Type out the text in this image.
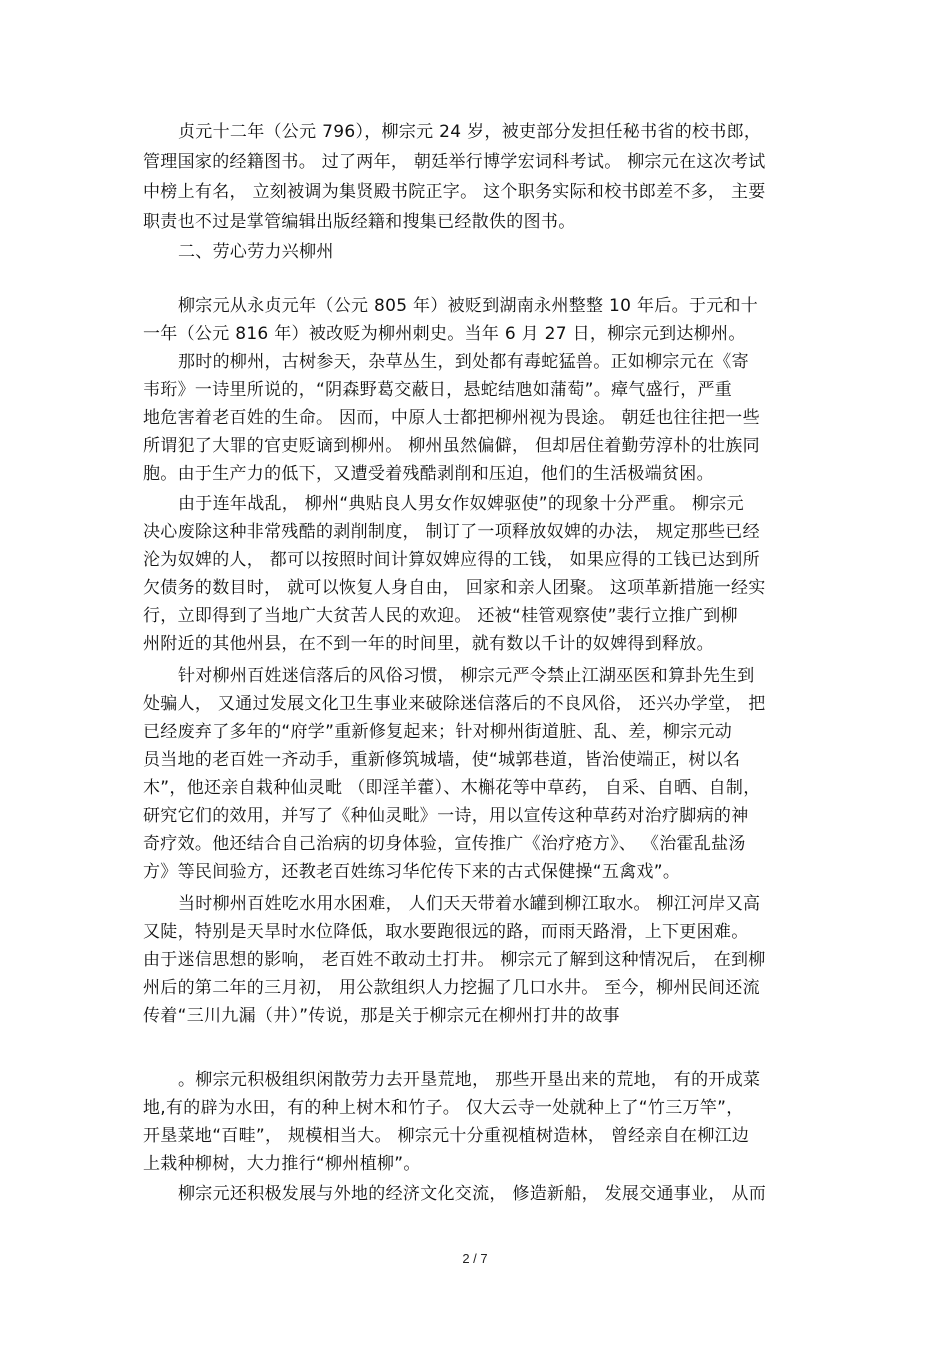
贞元十二年（公元 796），柳宗元 24 岁，被吏部分发担任秘书省的校书郎，
管理国家的经籍图书。 过了两年， 朝廷举行博学宏词科考试。 柳宗元在这次考试
中榜上有名， 立刻被调为集贤殿书院正字。 这个职务实际和校书郎差不多， 主要
职责也不过是掌管编辑出版经籍和搜集已经散佚的图书。
二、劳心劳力兴柳州
柳宗元从永贞元年（公元 805 年）被贬到湖南永州整整 10 年后。于元和十
一年（公元 816 年）被改贬为柳州刺史。当年 6 月 27 日，柳宗元到达柳州。
那时的柳州，古树参天，杂草丛生，到处都有毒蛇猛兽。正如柳宗元在《寄
韦珩》一诗里所说的，“阴森野葛交蔽日，悬蛇结虺如蒲萄”。瘴气盛行，严重
地危害着老百姓的生命。 因而，中原人士都把柳州视为畏途。 朝廷也往往把一些
所谓犯了大罪的官吏贬谪到柳州。 柳州虽然偏僻， 但却居住着勤劳淳朴的壮族同
胞。由于生产力的低下，又遭受着残酷剥削和压迫，他们的生活极端贫困。
由于连年战乱， 柳州“典贴良人男女作奴婢驱使”的现象十分严重。 柳宗元
决心废除这种非常残酷的剥削制度， 制订了一项释放奴婢的办法， 规定那些已经
沦为奴婢的人， 都可以按照时间计算奴婢应得的工钱， 如果应得的工钱已达到所
欠债务的数目时， 就可以恢复人身自由， 回家和亲人团聚。 这项革新措施一经实
行，立即得到了当地广大贫苦人民的欢迎。 还被“桂管观察使”裴行立推广到柳
州附近的其他州县，在不到一年的时间里，就有数以千计的奴婢得到释放。
针对柳州百姓迷信落后的风俗习惯， 柳宗元严令禁止江湖巫医和算卦先生到
处骗人， 又通过发展文化卫生事业来破除迷信落后的不良风俗， 还兴办学堂， 把
已经废弃了多年的“府学”重新修复起来；针对柳州街道脏、乱、差，柳宗元动
员当地的老百姓一齐动手，重新修筑城墙，使“城郭巷道，皆治使端正，树以名
木”，他还亲自栽种仙灵毗 （即淫羊藿）、木槲花等中草药， 自采、自晒、自制，
研究它们的效用，并写了《种仙灵毗》一诗，用以宣传这种草药对治疗脚病的神
奇疗效。他还结合自己治病的切身体验，宣传推广《治疗疮方》、 《治霍乱盐汤
方》等民间验方，还教老百姓练习华佗传下来的古式保健操“五禽戏”。
当时柳州百姓吃水用水困难， 人们天天带着水罐到柳江取水。 柳江河岸又高
又陡，特别是天旱时水位降低，取水要跑很远的路，而雨天路滑，上下更困难。
由于迷信思想的影响， 老百姓不敢动土打井。 柳宗元了解到这种情况后， 在到柳
州后的第二年的三月初， 用公款组织人力挖掘了几口水井。 至今，柳州民间还流
传着“三川九漏（井）”传说，那是关于柳宗元在柳州打井的故事
。柳宗元积极组织闲散劳力去开垦荒地， 那些开垦出来的荒地， 有的开成菜
地,有的辟为水田，有的种上树木和竹子。 仅大云寺一处就种上了“竹三万竿”，
开垦菜地“百畦”， 规模相当大。 柳宗元十分重视植树造林， 曾经亲自在柳江边
上栽种柳树，大力推行“柳州植柳”。
柳宗元还积极发展与外地的经济文化交流， 修造新船， 发展交通事业， 从而
2 / 7
